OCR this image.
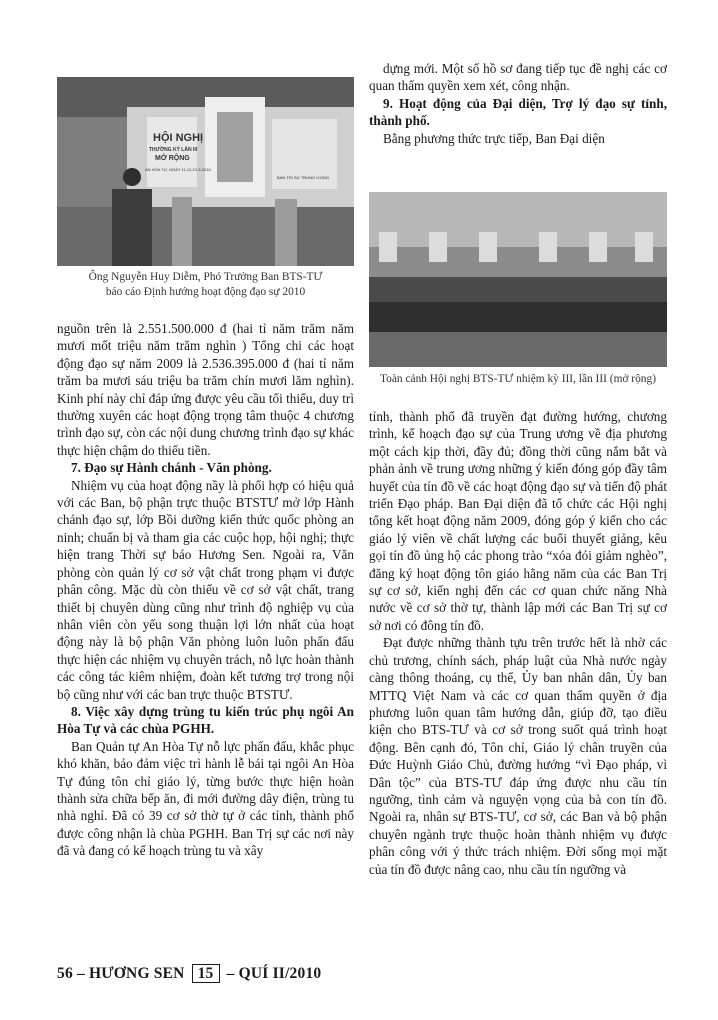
HỘI NGHỊ
THƯỜNG KỲ LẦN III
MỞ RỘNG
AN HÒA TỰ, NGÀY 11,12,13-3-2010
BAN TRỊ SỰ TRUNG ƯƠNG
Ông Nguyễn Huy Diễm, Phó Trưởng Ban BTS-TƯ
báo cáo Định hướng hoạt động đạo sự 2010

nguồn trên là 2.551.500.000 đ (hai tỉ năm trăm năm mươi mốt triệu năm trăm nghìn ) Tổng chi các hoạt động đạo sự năm 2009 là 2.536.395.000 đ (hai tỉ năm trăm ba mươi sáu triệu ba trăm chín mươi lăm nghìn). Kinh phí này chỉ đáp ứng được yêu cầu tối thiểu, duy trì thường xuyên các hoạt động trọng tâm thuộc 4 chương trình đạo sự, còn các nội dung chương trình đạo sự khác thực hiện chậm do thiếu tiền.

7. Đạo sự Hành chánh - Văn phòng.

Nhiệm vụ của hoạt động nầy là phối hợp có hiệu quả với các Ban, bộ phận trực thuộc BTSTƯ mở lớp Hành chánh đạo sự, lớp Bồi dưỡng kiến thức quốc phòng an ninh; chuẩn bị và tham gia các cuộc họp, hội nghị; thực hiện trang Thời sự báo Hương Sen. Ngoài ra, Văn phòng còn quản lý cơ sở vật chất trong phạm vi được phân công. Mặc dù còn thiếu về cơ sở vật chất, trang thiết bị chuyên dùng cũng như trình độ nghiệp vụ của nhân viên còn yếu song thuận lợi lớn nhất của hoạt động này là bộ phận Văn phòng luôn luôn phấn đấu thực hiện các nhiệm vụ chuyên trách, nỗ lực hoàn thành các công tác kiêm nhiệm, đoàn kết tương trợ trong nội bộ cũng như với các ban trực thuộc BTSTƯ.

8. Việc xây dựng trùng tu kiến trúc phụ ngôi An Hòa Tự và các chùa PGHH.

Ban Quản tự An Hòa Tự nỗ lực phấn đấu, khắc phục khó khăn, bảo đảm việc trì hành lễ bái tại ngôi An Hòa Tự đúng tôn chỉ giáo lý, từng bước thực hiện hoàn thành sửa chữa bếp ăn, đi mới đường dây điện, trùng tu nhà nghỉ. Đã có 39 cơ sở thờ tự ở các tỉnh, thành phố được công nhận là chùa PGHH. Ban Trị sự các nơi này đã và đang có kế hoạch trùng tu và xây

dựng mới. Một số hồ sơ đang tiếp tục đề nghị các cơ quan thẩm quyền xem xét, công nhận.

9. Hoạt động của Đại diện, Trợ lý đạo sự tỉnh, thành phố.

Bằng phương thức trực tiếp, Ban Đại diện

Toàn cảnh Hội nghị BTS-TƯ nhiệm kỳ III, lần III (mở rộng)

tỉnh, thành phố đã truyền đạt đường hướng, chương trình, kế hoạch đạo sự của Trung ương về địa phương một cách kịp thời, đầy đủ; đồng thời cũng nắm bắt và phản ảnh về trung ương những ý kiến đóng góp đầy tâm huyết của tín đồ về các hoạt động đạo sự và tiến độ phát triển Đạo pháp. Ban Đại diện đã tổ chức các Hội nghị tổng kết hoạt động năm 2009, đóng góp ý kiến cho các giáo lý viên về chất lượng các buổi thuyết giảng, kêu gọi tín đồ ủng hộ các phong trào “xóa đói giảm nghèo”, đăng ký hoạt động tôn giáo hằng năm của các Ban Trị sự cơ sở, kiến nghị đến các cơ quan chức năng Nhà nước về cơ sở thờ tự, thành lập mới các Ban Trị sự cơ sở nơi có đông tín đồ.

Đạt được những thành tựu trên trước hết là nhờ các chủ trương, chính sách, pháp luật của Nhà nước ngày càng thông thoáng, cụ thể, Ủy ban nhân dân, Ủy ban MTTQ Việt Nam và các cơ quan thẩm quyền ở địa phương luôn quan tâm hướng dẫn, giúp đỡ, tạo điều kiện cho BTS-TƯ và cơ sở trong suốt quá trình hoạt động. Bên cạnh đó, Tôn chỉ, Giáo lý chân truyền của Đức Huỳnh Giáo Chủ, đường hướng “vì Đạo pháp, vì Dân tộc” của BTS-TƯ đáp ứng được nhu cầu tín ngưỡng, tình cảm và nguyện vọng của bà con tín đồ. Ngoài ra, nhân sự BTS-TƯ, cơ sở, các Ban và bộ phận chuyên ngành trực thuộc hoàn thành nhiệm vụ được phân công với ý thức trách nhiệm. Đời sống mọi mặt của tín đồ được nâng cao, nhu cầu tín ngưỡng và

56 – HƯƠNG SEN 15 – QUÍ II/2010
